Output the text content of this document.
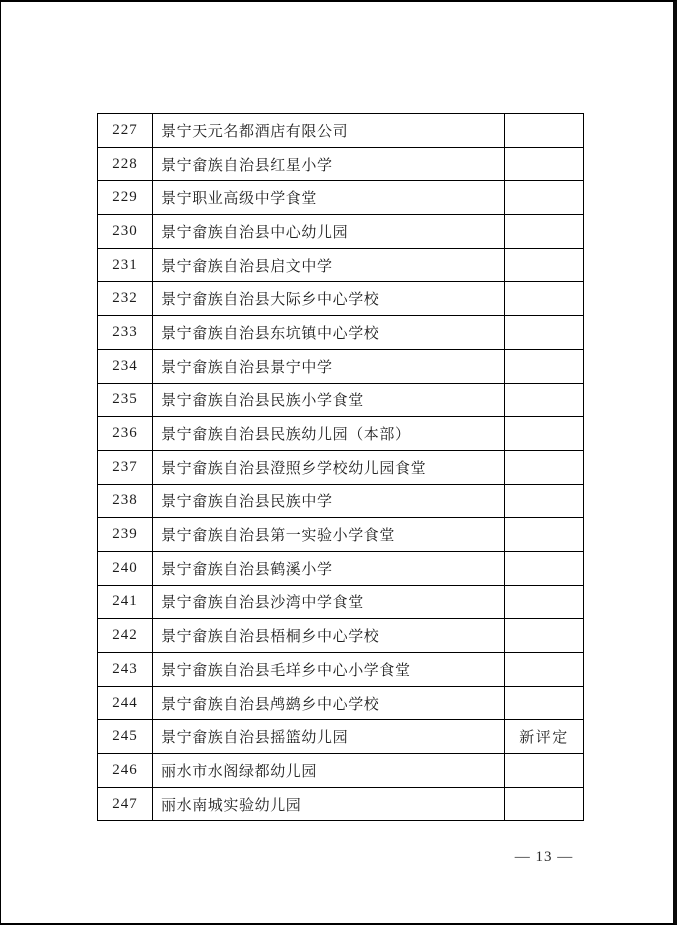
227	景宁天元名都酒店有限公司	
228	景宁畲族自治县红星小学	
229	景宁职业高级中学食堂	
230	景宁畲族自治县中心幼儿园	
231	景宁畲族自治县启文中学	
232	景宁畲族自治县大际乡中心学校	
233	景宁畲族自治县东坑镇中心学校	
234	景宁畲族自治县景宁中学	
235	景宁畲族自治县民族小学食堂	
236	景宁畲族自治县民族幼儿园（本部）	
237	景宁畲族自治县澄照乡学校幼儿园食堂	
238	景宁畲族自治县民族中学	
239	景宁畲族自治县第一实验小学食堂	
240	景宁畲族自治县鹤溪小学	
241	景宁畲族自治县沙湾中学食堂	
242	景宁畲族自治县梧桐乡中心学校	
243	景宁畲族自治县毛垟乡中心小学食堂	
244	景宁畲族自治县鸬鹚乡中心学校	
245	景宁畲族自治县摇篮幼儿园	新评定
246	丽水市水阁绿都幼儿园	
247	丽水南城实验幼儿园	
— 13 —
